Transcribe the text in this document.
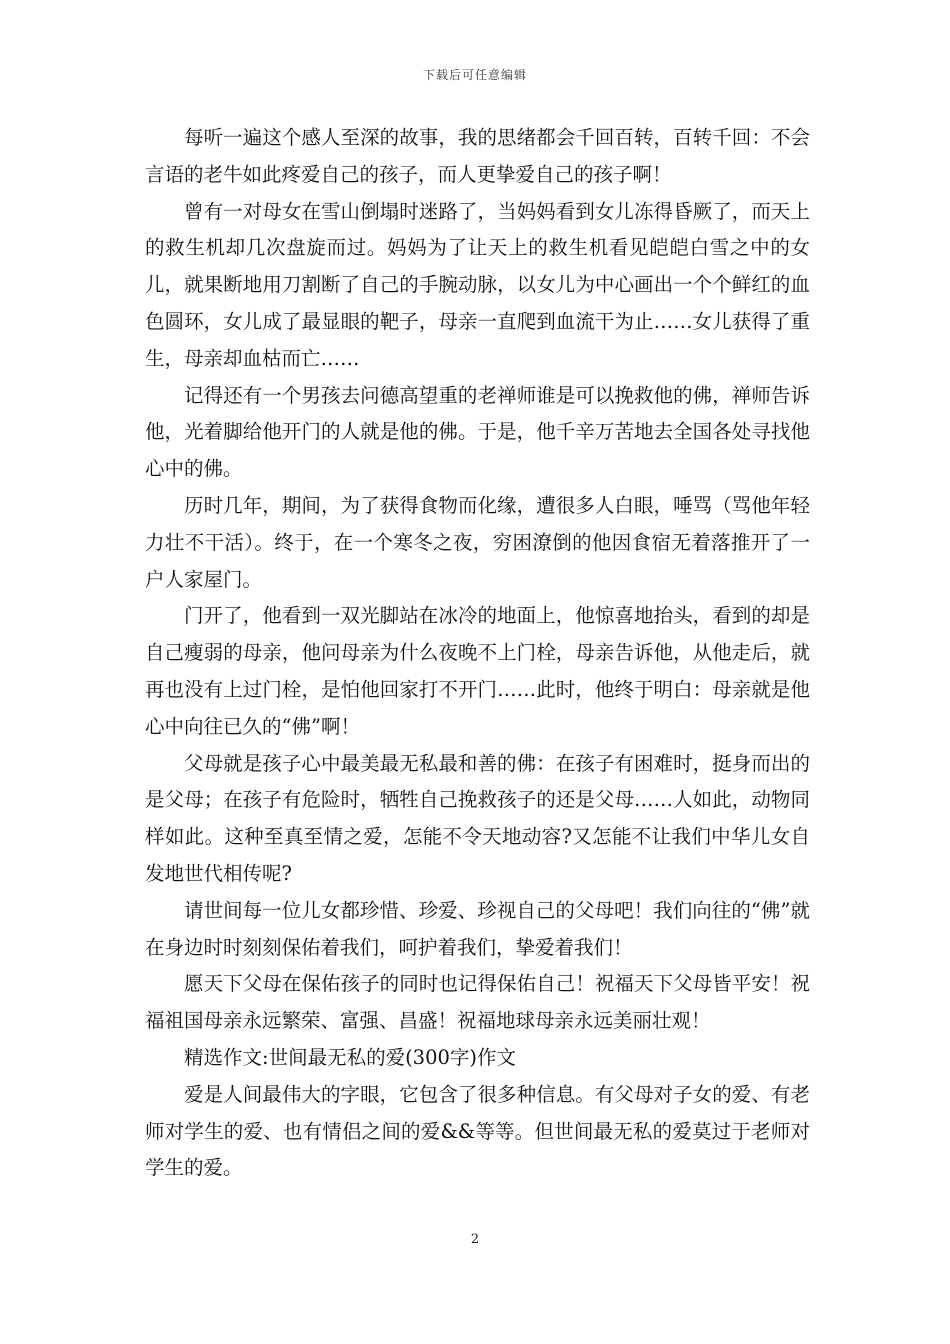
下载后可任意编辑

每听一遍这个感人至深的故事，我的思绪都会千回百转，百转千回：不会言语的老牛如此疼爱自己的孩子，而人更挚爱自己的孩子啊！

曾有一对母女在雪山倒塌时迷路了，当妈妈看到女儿冻得昏厥了，而天上的救生机却几次盘旋而过。妈妈为了让天上的救生机看见皑皑白雪之中的女儿，就果断地用刀割断了自己的手腕动脉，以女儿为中心画出一个个鲜红的血色圆环，女儿成了最显眼的靶子，母亲一直爬到血流干为止……女儿获得了重生，母亲却血枯而亡……

记得还有一个男孩去问德高望重的老禅师谁是可以挽救他的佛，禅师告诉他，光着脚给他开门的人就是他的佛。于是，他千辛万苦地去全国各处寻找他心中的佛。

历时几年，期间，为了获得食物而化缘，遭很多人白眼，唾骂（骂他年轻力壮不干活）。终于，在一个寒冬之夜，穷困潦倒的他因食宿无着落推开了一户人家屋门。

门开了，他看到一双光脚站在冰冷的地面上，他惊喜地抬头，看到的却是自己瘦弱的母亲，他问母亲为什么夜晚不上门栓，母亲告诉他，从他走后，就再也没有上过门栓，是怕他回家打不开门……此时，他终于明白：母亲就是他心中向往已久的“佛”啊！

父母就是孩子心中最美最无私最和善的佛：在孩子有困难时，挺身而出的是父母；在孩子有危险时，牺牲自己挽救孩子的还是父母……人如此，动物同样如此。这种至真至情之爱，怎能不令天地动容?又怎能不让我们中华儿女自发地世代相传呢?

请世间每一位儿女都珍惜、珍爱、珍视自己的父母吧！我们向往的“佛”就在身边时时刻刻保佑着我们，呵护着我们，挚爱着我们！

愿天下父母在保佑孩子的同时也记得保佑自己！祝福天下父母皆平安！祝福祖国母亲永远繁荣、富强、昌盛！祝福地球母亲永远美丽壮观！

精选作文:世间最无私的爱(300字)作文

爱是人间最伟大的字眼，它包含了很多种信息。有父母对子女的爱、有老师对学生的爱、也有情侣之间的爱&&等等。但世间最无私的爱莫过于老师对学生的爱。

2
